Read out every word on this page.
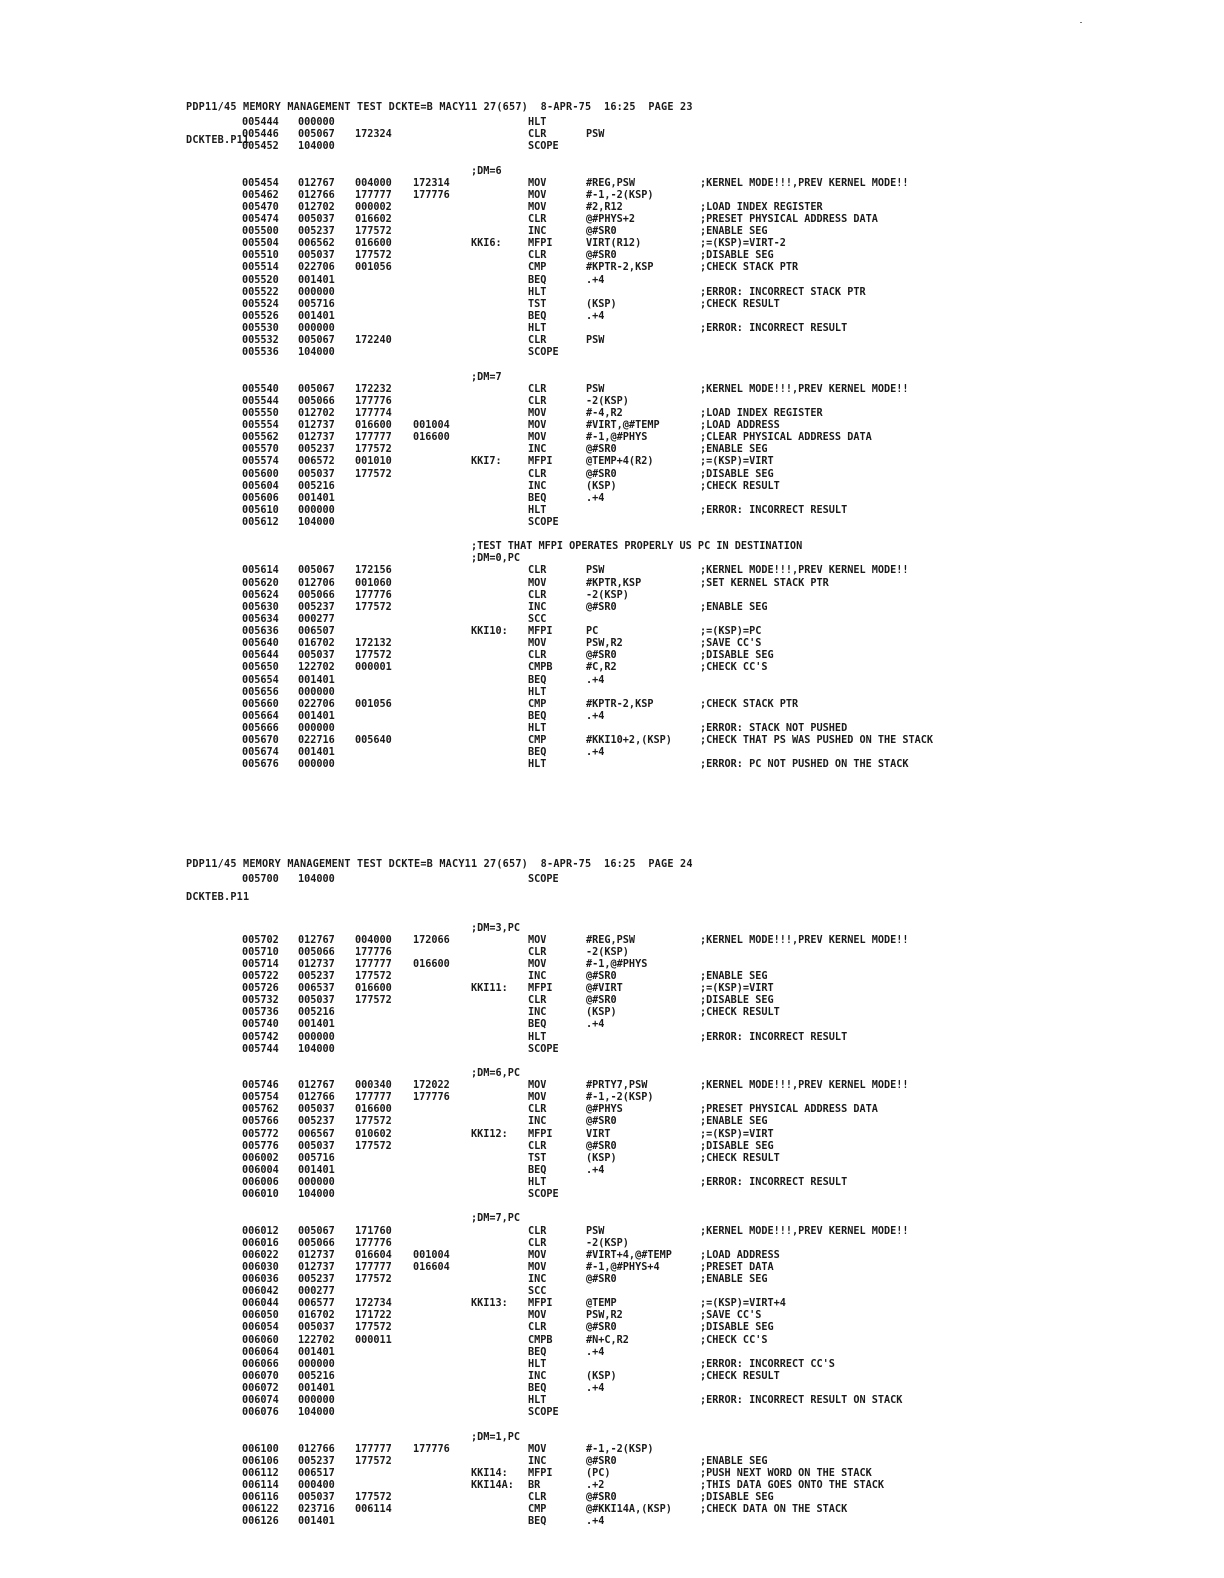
PDP11/45 MEMORY MANAGEMENT TEST DCKTE=B MACY11 27(657)  8-APR-75  16:25  PAGE 23

DCKTEB.P11

PDP11/45 MEMORY MANAGEMENT TEST DCKTE=B MACY11 27(657)  8-APR-75  16:25  PAGE 24

DCKTEB.P11

005444 000000	HLT
005446 005067 172324	CLR	PSW
005452 104000	SCOPE
;DM=6
005454 012767 004000 172314	MOV	#REG,PSW	;KERNEL MODE!!!,PREV KERNEL MODE!!
005462 012766 177777 177776	MOV	#-1,-2(KSP)
005470 012702 000002	MOV	#2,R12	;LOAD INDEX REGISTER
005474 005037 016602	CLR	@#PHYS+2	;PRESET PHYSICAL ADDRESS DATA
005500 005237 177572	INC	@#SR0	;ENABLE SEG
005504 006562 016600	KKI6:	MFPI	VIRT(R12)	;=(KSP)=VIRT-2
005510 005037 177572	CLR	@#SR0	;DISABLE SEG
005514 022706 001056	CMP	#KPTR-2,KSP	;CHECK STACK PTR
005520 001401	BEQ	.+4
005522 000000	HLT	;ERROR: INCORRECT STACK PTR
005524 005716	TST	(KSP)	;CHECK RESULT
005526 001401	BEQ	.+4
005530 000000	HLT	;ERROR: INCORRECT RESULT
005532 005067 172240	CLR	PSW
005536 104000	SCOPE
;DM=7
005540 005067 172232	CLR	PSW	;KERNEL MODE!!!,PREV KERNEL MODE!!
005544 005066 177776	CLR	-2(KSP)
005550 012702 177774	MOV	#-4,R2	;LOAD INDEX REGISTER
005554 012737 016600 001004	MOV	#VIRT,@#TEMP	;LOAD ADDRESS
005562 012737 177777 016600	MOV	#-1,@#PHYS	;CLEAR PHYSICAL ADDRESS DATA
005570 005237 177572	INC	@#SR0	;ENABLE SEG
005574 006572 001010	KKI7:	MFPI	@TEMP+4(R2)	;=(KSP)=VIRT
005600 005037 177572	CLR	@#SR0	;DISABLE SEG
005604 005216	INC	(KSP)	;CHECK RESULT
005606 001401	BEQ	.+4
005610 000000	HLT	;ERROR: INCORRECT RESULT
005612 104000	SCOPE
;TEST THAT MFPI OPERATES PROPERLY US PC IN DESTINATION
;DM=0,PC
005614 005067 172156	CLR	PSW	;KERNEL MODE!!!,PREV KERNEL MODE!!
005620 012706 001060	MOV	#KPTR,KSP	;SET KERNEL STACK PTR
005624 005066 177776	CLR	-2(KSP)
005630 005237 177572	INC	@#SR0	;ENABLE SEG
005634 000277	SCC
005636 006507	KKI10: MFPI	PC	;=(KSP)=PC
005640 016702 172132	MOV	PSW,R2	;SAVE CC'S
005644 005037 177572	CLR	@#SR0	;DISABLE SEG
005650 122702 000001	CMPB	#C,R2	;CHECK CC'S
005654 001401	BEQ	.+4
005656 000000	HLT
005660 022706 001056	CMP	#KPTR-2,KSP	;CHECK STACK PTR
005664 001401	BEQ	.+4
005666 000000	HLT	;ERROR: STACK NOT PUSHED
005670 022716 005640	CMP	#KKI10+2,(KSP)	;CHECK THAT PS WAS PUSHED ON THE STACK
005674 001401	BEQ	.+4
005676 000000	HLT	;ERROR: PC NOT PUSHED ON THE STACK
005700 104000	SCOPE
;DM=3,PC
005702 012767 004000 172066	MOV	#REG,PSW	;KERNEL MODE!!!,PREV KERNEL MODE!!
005710 005066 177776	CLR	-2(KSP)
005714 012737 177777 016600	MOV	#-1,@#PHYS
005722 005237 177572	INC	@#SR0	;ENABLE SEG
005726 006537 016600	KKI11: MFPI	@#VIRT	;=(KSP)=VIRT
005732 005037 177572	CLR	@#SR0	;DISABLE SEG
005736 005216	INC	(KSP)	;CHECK RESULT
005740 001401	BEQ	.+4
005742 000000	HLT	;ERROR: INCORRECT RESULT
005744 104000	SCOPE
;DM=6,PC
005746 012767 000340 172022	MOV	#PRTY7,PSW	;KERNEL MODE!!!,PREV KERNEL MODE!!
005754 012766 177777 177776	MOV	#-1,-2(KSP)
005762 005037 016600	CLR	@#PHYS	;PRESET PHYSICAL ADDRESS DATA
005766 005237 177572	INC	@#SR0	;ENABLE SEG
005772 006567 010602	KKI12: MFPI	VIRT	;=(KSP)=VIRT
005776 005037 177572	CLR	@#SR0	;DISABLE SEG
006002 005716	TST	(KSP)	;CHECK RESULT
006004 001401	BEQ	.+4
006006 000000	HLT	;ERROR: INCORRECT RESULT
006010 104000	SCOPE
;DM=7,PC
006012 005067 171760	CLR	PSW	;KERNEL MODE!!!,PREV KERNEL MODE!!
006016 005066 177776	CLR	-2(KSP)
006022 012737 016604 001004	MOV	#VIRT+4,@#TEMP	;LOAD ADDRESS
006030 012737 177777 016604	MOV	#-1,@#PHYS+4	;PRESET DATA
006036 005237 177572	INC	@#SR0	;ENABLE SEG
006042 000277	SCC
006044 006577 172734	KKI13: MFPI	@TEMP	;=(KSP)=VIRT+4
006050 016702 171722	MOV	PSW,R2	;SAVE CC'S
006054 005037 177572	CLR	@#SR0	;DISABLE SEG
006060 122702 000011	CMPB	#N+C,R2	;CHECK CC'S
006064 001401	BEQ	.+4
006066 000000	HLT	;ERROR: INCORRECT CC'S
006070 005216	INC	(KSP)	;CHECK RESULT
006072 001401	BEQ	.+4
006074 000000	HLT	;ERROR: INCORRECT RESULT ON STACK
006076 104000	SCOPE
;DM=1,PC
006100 012766 177777 177776	MOV	#-1,-2(KSP)
006106 005237 177572	INC	@#SR0	;ENABLE SEG
006112 006517	KKI14: MFPI	(PC)	;PUSH NEXT WORD ON THE STACK
006114 000400	KKI14A: BR	.+2	;THIS DATA GOES ONTO THE STACK
006116 005037 177572	CLR	@#SR0	;DISABLE SEG
006122 023716 006114	CMP	@#KKI14A,(KSP)	;CHECK DATA ON THE STACK
006126 001401	BEQ	.+4
